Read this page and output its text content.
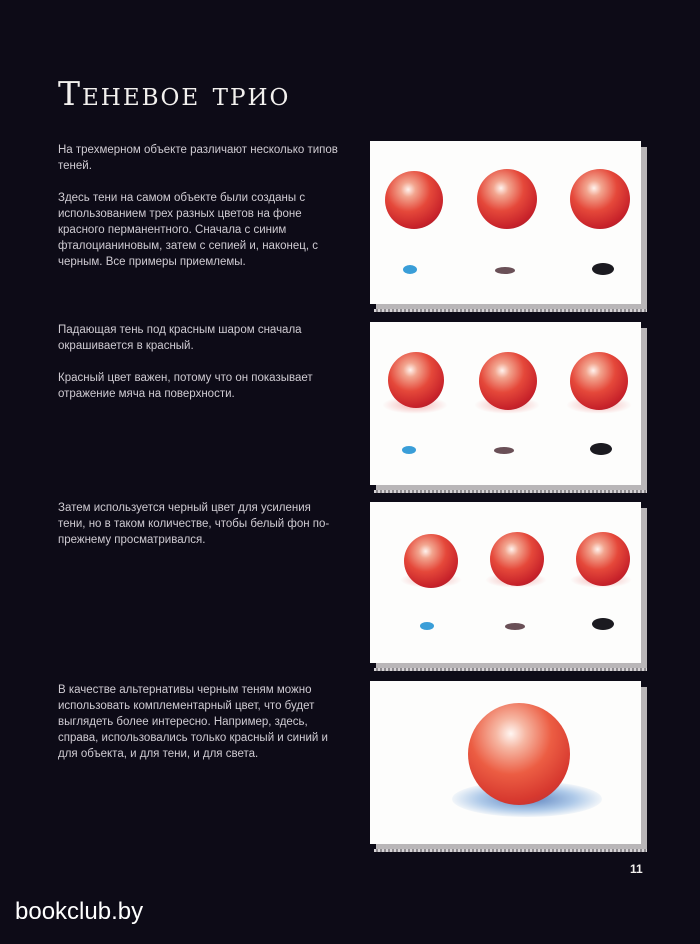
Теневое трио

На трехмерном объекте различают несколько типов теней.

Здесь тени на самом объекте были созданы с использованием трех разных цветов на фоне красного перманентного. Сначала с синим фталоцианиновым, затем с сепией и, наконец, с черным. Все примеры приемлемы.

Падающая тень под красным шаром сначала окрашивается в красный.

Красный цвет важен, потому что он показывает отражение мяча на поверхности.

Затем используется черный цвет для усиления тени, но в таком количестве, чтобы белый фон по-прежнему просматривался.

В качестве альтернативы черным теням можно использовать комплементарный цвет, что будет выглядеть более интересно. Например, здесь, справа, использовались только красный и синий и для объекта, и для тени, и для света.

11
bookclub.by
